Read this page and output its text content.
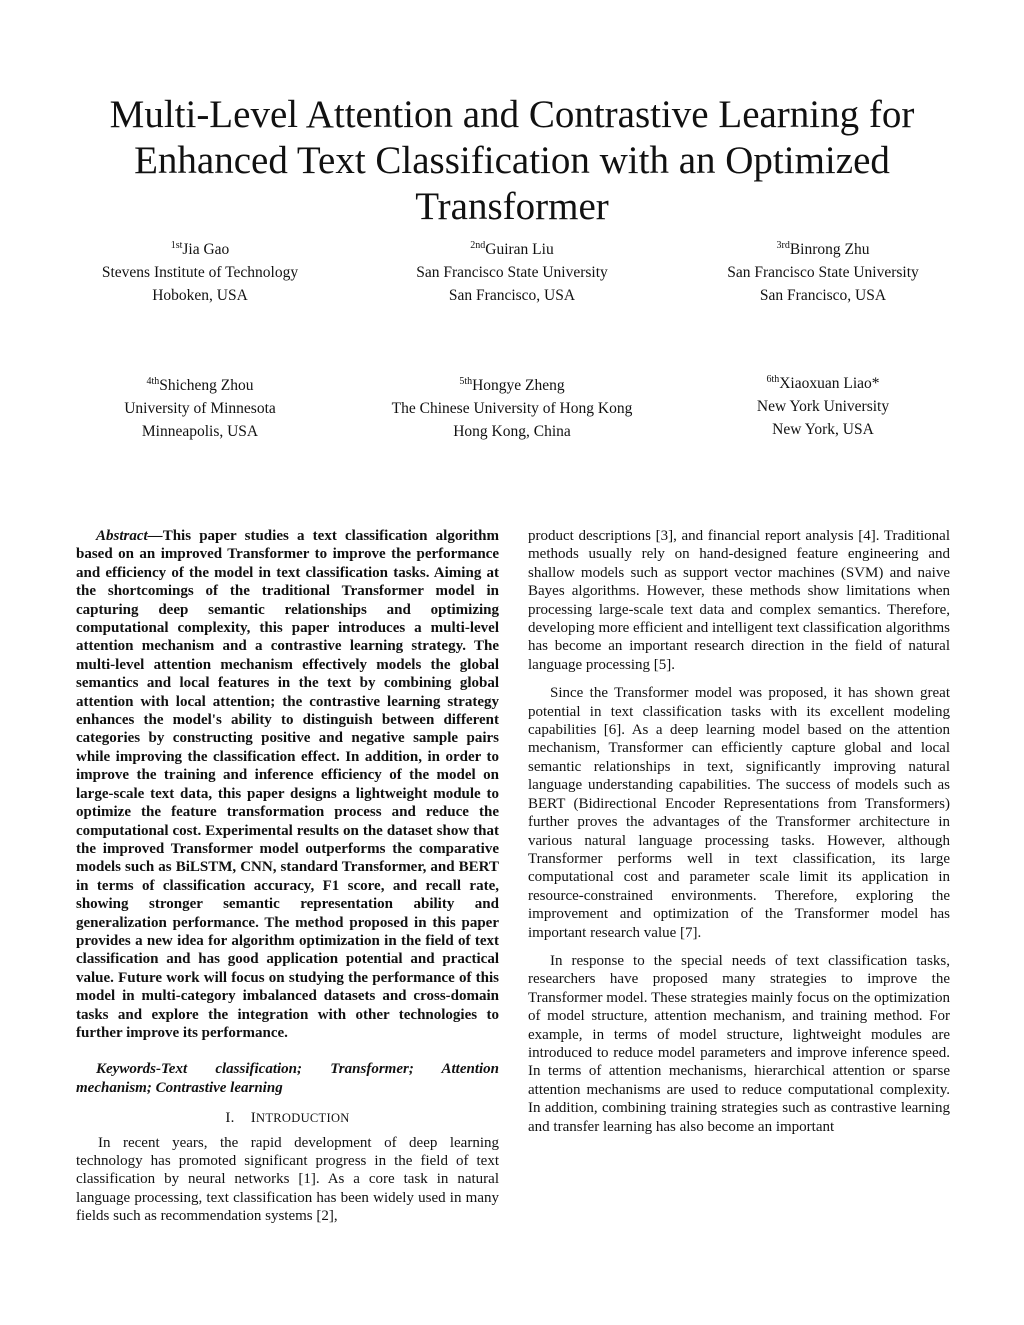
Multi-Level Attention and Contrastive Learning for Enhanced Text Classification with an Optimized Transformer
$^{1st}$Jia Gao
Stevens Institute of Technology
Hoboken, USA
$^{2nd}$Guiran Liu
San Francisco State University
San Francisco, USA
$^{3rd}$Binrong Zhu
San Francisco State University
San Francisco, USA
$^{4th}$Shicheng Zhou
University of Minnesota
Minneapolis, USA
$^{5th}$Hongye Zheng
The Chinese University of Hong Kong
Hong Kong, China
$^{6th}$Xiaoxuan Liao*
New York University
New York, USA

Abstract—This paper studies a text classification algorithm based on an improved Transformer to improve the performance and efficiency of the model in text classification tasks. Aiming at the shortcomings of the traditional Transformer model in capturing deep semantic relationships and optimizing computational complexity, this paper introduces a multi-level attention mechanism and a contrastive learning strategy. The multi-level attention mechanism effectively models the global semantics and local features in the text by combining global attention with local attention; the contrastive learning strategy enhances the model's ability to distinguish between different categories by constructing positive and negative sample pairs while improving the classification effect. In addition, in order to improve the training and inference efficiency of the model on large-scale text data, this paper designs a lightweight module to optimize the feature transformation process and reduce the computational cost. Experimental results on the dataset show that the improved Transformer model outperforms the comparative models such as BiLSTM, CNN, standard Transformer, and BERT in terms of classification accuracy, F1 score, and recall rate, showing stronger semantic representation ability and generalization performance. The method proposed in this paper provides a new idea for algorithm optimization in the field of text classification and has good application potential and practical value. Future work will focus on studying the performance of this model in multi-category imbalanced datasets and cross-domain tasks and explore the integration with other technologies to further improve its performance.

Keywords-Text classification; Transformer; Attention mechanism; Contrastive learning

I. INTRODUCTION

In recent years, the rapid development of deep learning technology has promoted significant progress in the field of text classification by neural networks [1]. As a core task in natural language processing, text classification has been widely used in many fields such as recommendation systems [2],

product descriptions [3], and financial report analysis [4]. Traditional methods usually rely on hand-designed feature engineering and shallow models such as support vector machines (SVM) and naive Bayes algorithms. However, these methods show limitations when processing large-scale text data and complex semantics. Therefore, developing more efficient and intelligent text classification algorithms has become an important research direction in the field of natural language processing [5].

Since the Transformer model was proposed, it has shown great potential in text classification tasks with its excellent modeling capabilities [6]. As a deep learning model based on the attention mechanism, Transformer can efficiently capture global and local semantic relationships in text, significantly improving natural language understanding capabilities. The success of models such as BERT (Bidirectional Encoder Representations from Transformers) further proves the advantages of the Transformer architecture in various natural language processing tasks. However, although Transformer performs well in text classification, its large computational cost and parameter scale limit its application in resource-constrained environments. Therefore, exploring the improvement and optimization of the Transformer model has important research value [7].

In response to the special needs of text classification tasks, researchers have proposed many strategies to improve the Transformer model. These strategies mainly focus on the optimization of model structure, attention mechanism, and training method. For example, in terms of model structure, lightweight modules are introduced to reduce model parameters and improve inference speed. In terms of attention mechanisms, hierarchical attention or sparse attention mechanisms are used to reduce computational complexity. In addition, combining training strategies such as contrastive learning and transfer learning has also become an important
